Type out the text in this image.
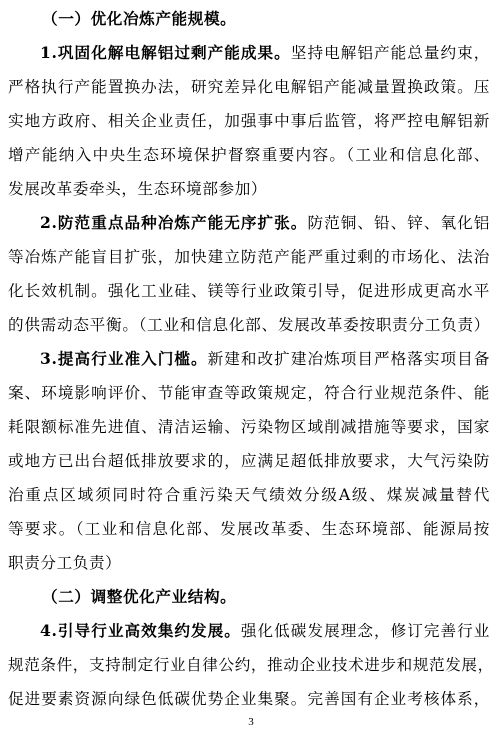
（一）优化冶炼产能规模。
1.巩固化解电解铝过剩产能成果。坚持电解铝产能总量约束，
严格执行产能置换办法，研究差异化电解铝产能减量置换政策。压
实地方政府、相关企业责任，加强事中事后监管，将严控电解铝新
增产能纳入中央生态环境保护督察重要内容。（工业和信息化部、
发展改革委牵头，生态环境部参加）
2.防范重点品种冶炼产能无序扩张。防范铜、铅、锌、氧化铝
等冶炼产能盲目扩张，加快建立防范产能严重过剩的市场化、法治
化长效机制。强化工业硅、镁等行业政策引导，促进形成更高水平
的供需动态平衡。（工业和信息化部、发展改革委按职责分工负责）
3.提高行业准入门槛。新建和改扩建冶炼项目严格落实项目备
案、环境影响评价、节能审查等政策规定，符合行业规范条件、能
耗限额标准先进值、清洁运输、污染物区域削减措施等要求，国家
或地方已出台超低排放要求的，应满足超低排放要求，大气污染防
治重点区域须同时符合重污染天气绩效分级A级、煤炭减量替代
等要求。（工业和信息化部、发展改革委、生态环境部、能源局按
职责分工负责）
（二）调整优化产业结构。
4.引导行业高效集约发展。强化低碳发展理念，修订完善行业
规范条件，支持制定行业自律公约，推动企业技术进步和规范发展，
促进要素资源向绿色低碳优势企业集聚。完善国有企业考核体系，
3
